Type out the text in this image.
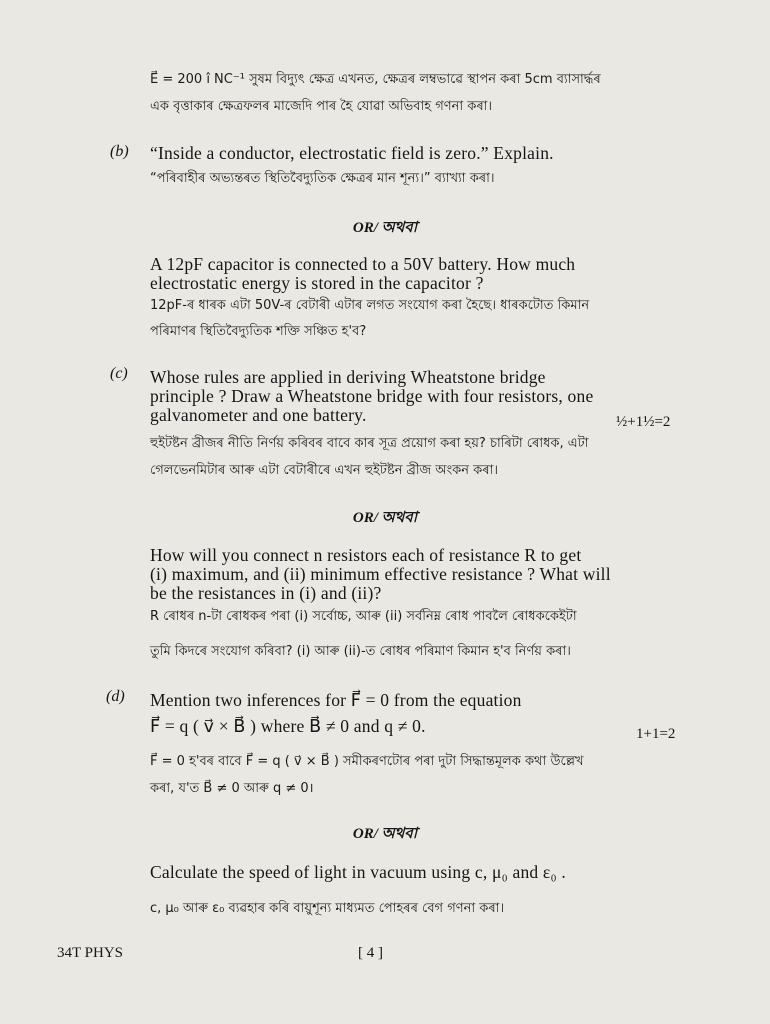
E⃗ = 200 î NC⁻¹ সুষম বিদ্যুৎ ক্ষেত্ৰ এখনত, ক্ষেত্ৰৰ লম্বভাৱে স্থাপন কৰা 5cm ব্যাসাৰ্দ্ধৰ
এক বৃত্তাকাৰ ক্ষেত্ৰফলৰ মাজেদি পাৰ হৈ যোৱা অভিবাহ গণনা কৰা।
(b) “Inside a conductor, electrostatic field is zero.” Explain.
“পৰিবাহীৰ অভ্যন্তৰত স্থিতিবৈদ্যুতিক ক্ষেত্ৰৰ মান শূন্য।” ব্যাখ্যা কৰা।
OR/ অথবা
A 12pF capacitor is connected to a 50V battery. How much
electrostatic energy is stored in the capacitor ?
12pF-ৰ ধাৰক এটা 50V-ৰ বেটাৰী এটাৰ লগত সংযোগ কৰা হৈছে। ধাৰকটোত কিমান
পৰিমাণৰ স্থিতিবৈদ্যুতিক শক্তি সঞ্চিত হ'ব?
(c) Whose rules are applied in deriving Wheatstone bridge
principle ? Draw a Wheatstone bridge with four resistors, one
galvanometer and one battery.	½+1½=2
হুইটষ্টন ব্ৰীজৰ নীতি নিৰ্ণয় কৰিবৰ বাবে কাৰ সূত্ৰ প্ৰয়োগ কৰা হয়? চাৰিটা ৰোধক, এটা
গেলভেনমিটাৰ আৰু এটা বেটাৰীৰে এখন হুইটষ্টন ব্ৰীজ অংকন কৰা।
OR/ অথবা
How will you connect n resistors each of resistance R to get
(i) maximum, and (ii) minimum effective resistance ? What will
be the resistances in (i) and (ii)?
R ৰোধৰ n-টা ৰোধকৰ পৰা (i) সৰ্বোচ্চ, আৰু (ii) সৰ্বনিম্ন ৰোধ পাবলৈ ৰোধককেইটা
তুমি কিদৰে সংযোগ কৰিবা? (i) আৰু (ii)-ত ৰোধৰ পৰিমাণ কিমান হ'ব নিৰ্ণয় কৰা।
(d) Mention two inferences for F⃗ = 0 from the equation
F⃗ = q ( v⃗ × B⃗ ) where B⃗ ≠ 0 and q ≠ 0.	1+1=2
F⃗ = 0 হ'বৰ বাবে F⃗ = q ( v⃗ × B⃗ ) সমীকৰণটোৰ পৰা দুটা সিদ্ধান্তমূলক কথা উল্লেখ
কৰা, য'ত B⃗ ≠ 0 আৰু q ≠ 0।
OR/ অথবা
Calculate the speed of light in vacuum using c, μ₀ and ε₀ .
c, μ₀ আৰু ε₀ ব্যৱহাৰ কৰি বায়ুশূন্য মাধ্যমত পোহৰৰ বেগ গণনা কৰা।
34T PHYS	[ 4 ]
